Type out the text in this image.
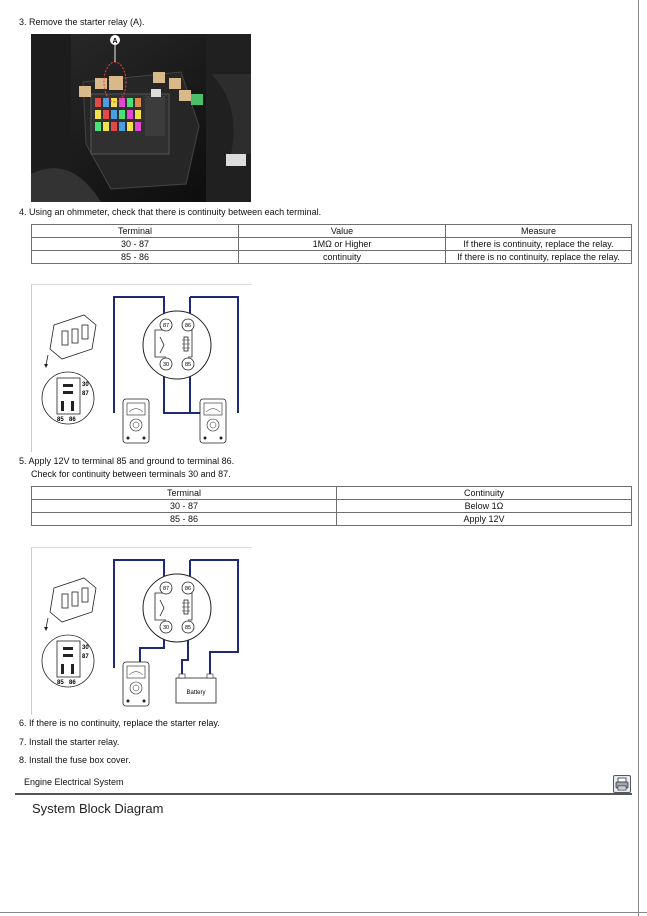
3. Remove the starter relay (A).
A
4. Using an ohmmeter, check that there is continuity between each terminal.
Terminal	Value	Measure
30 - 87	1MΩ or Higher	If there is continuity, replace the relay.
85 - 86	continuity	If there is no continuity, replace the relay.
30
87
85 86
87	86
30	85
5. Apply 12V to terminal 85 and ground to terminal 86.
Check for continuity between terminals 30 and 87.
Terminal	Continuity
30 - 87	Below 1Ω
85 - 86	Apply 12V
30
87
85 86
87	86
30	85
Battery
6. If there is no continuity, replace the starter relay.
7. Install the starter relay.
8. Install the fuse box cover.
Engine Electrical System
System Block Diagram
